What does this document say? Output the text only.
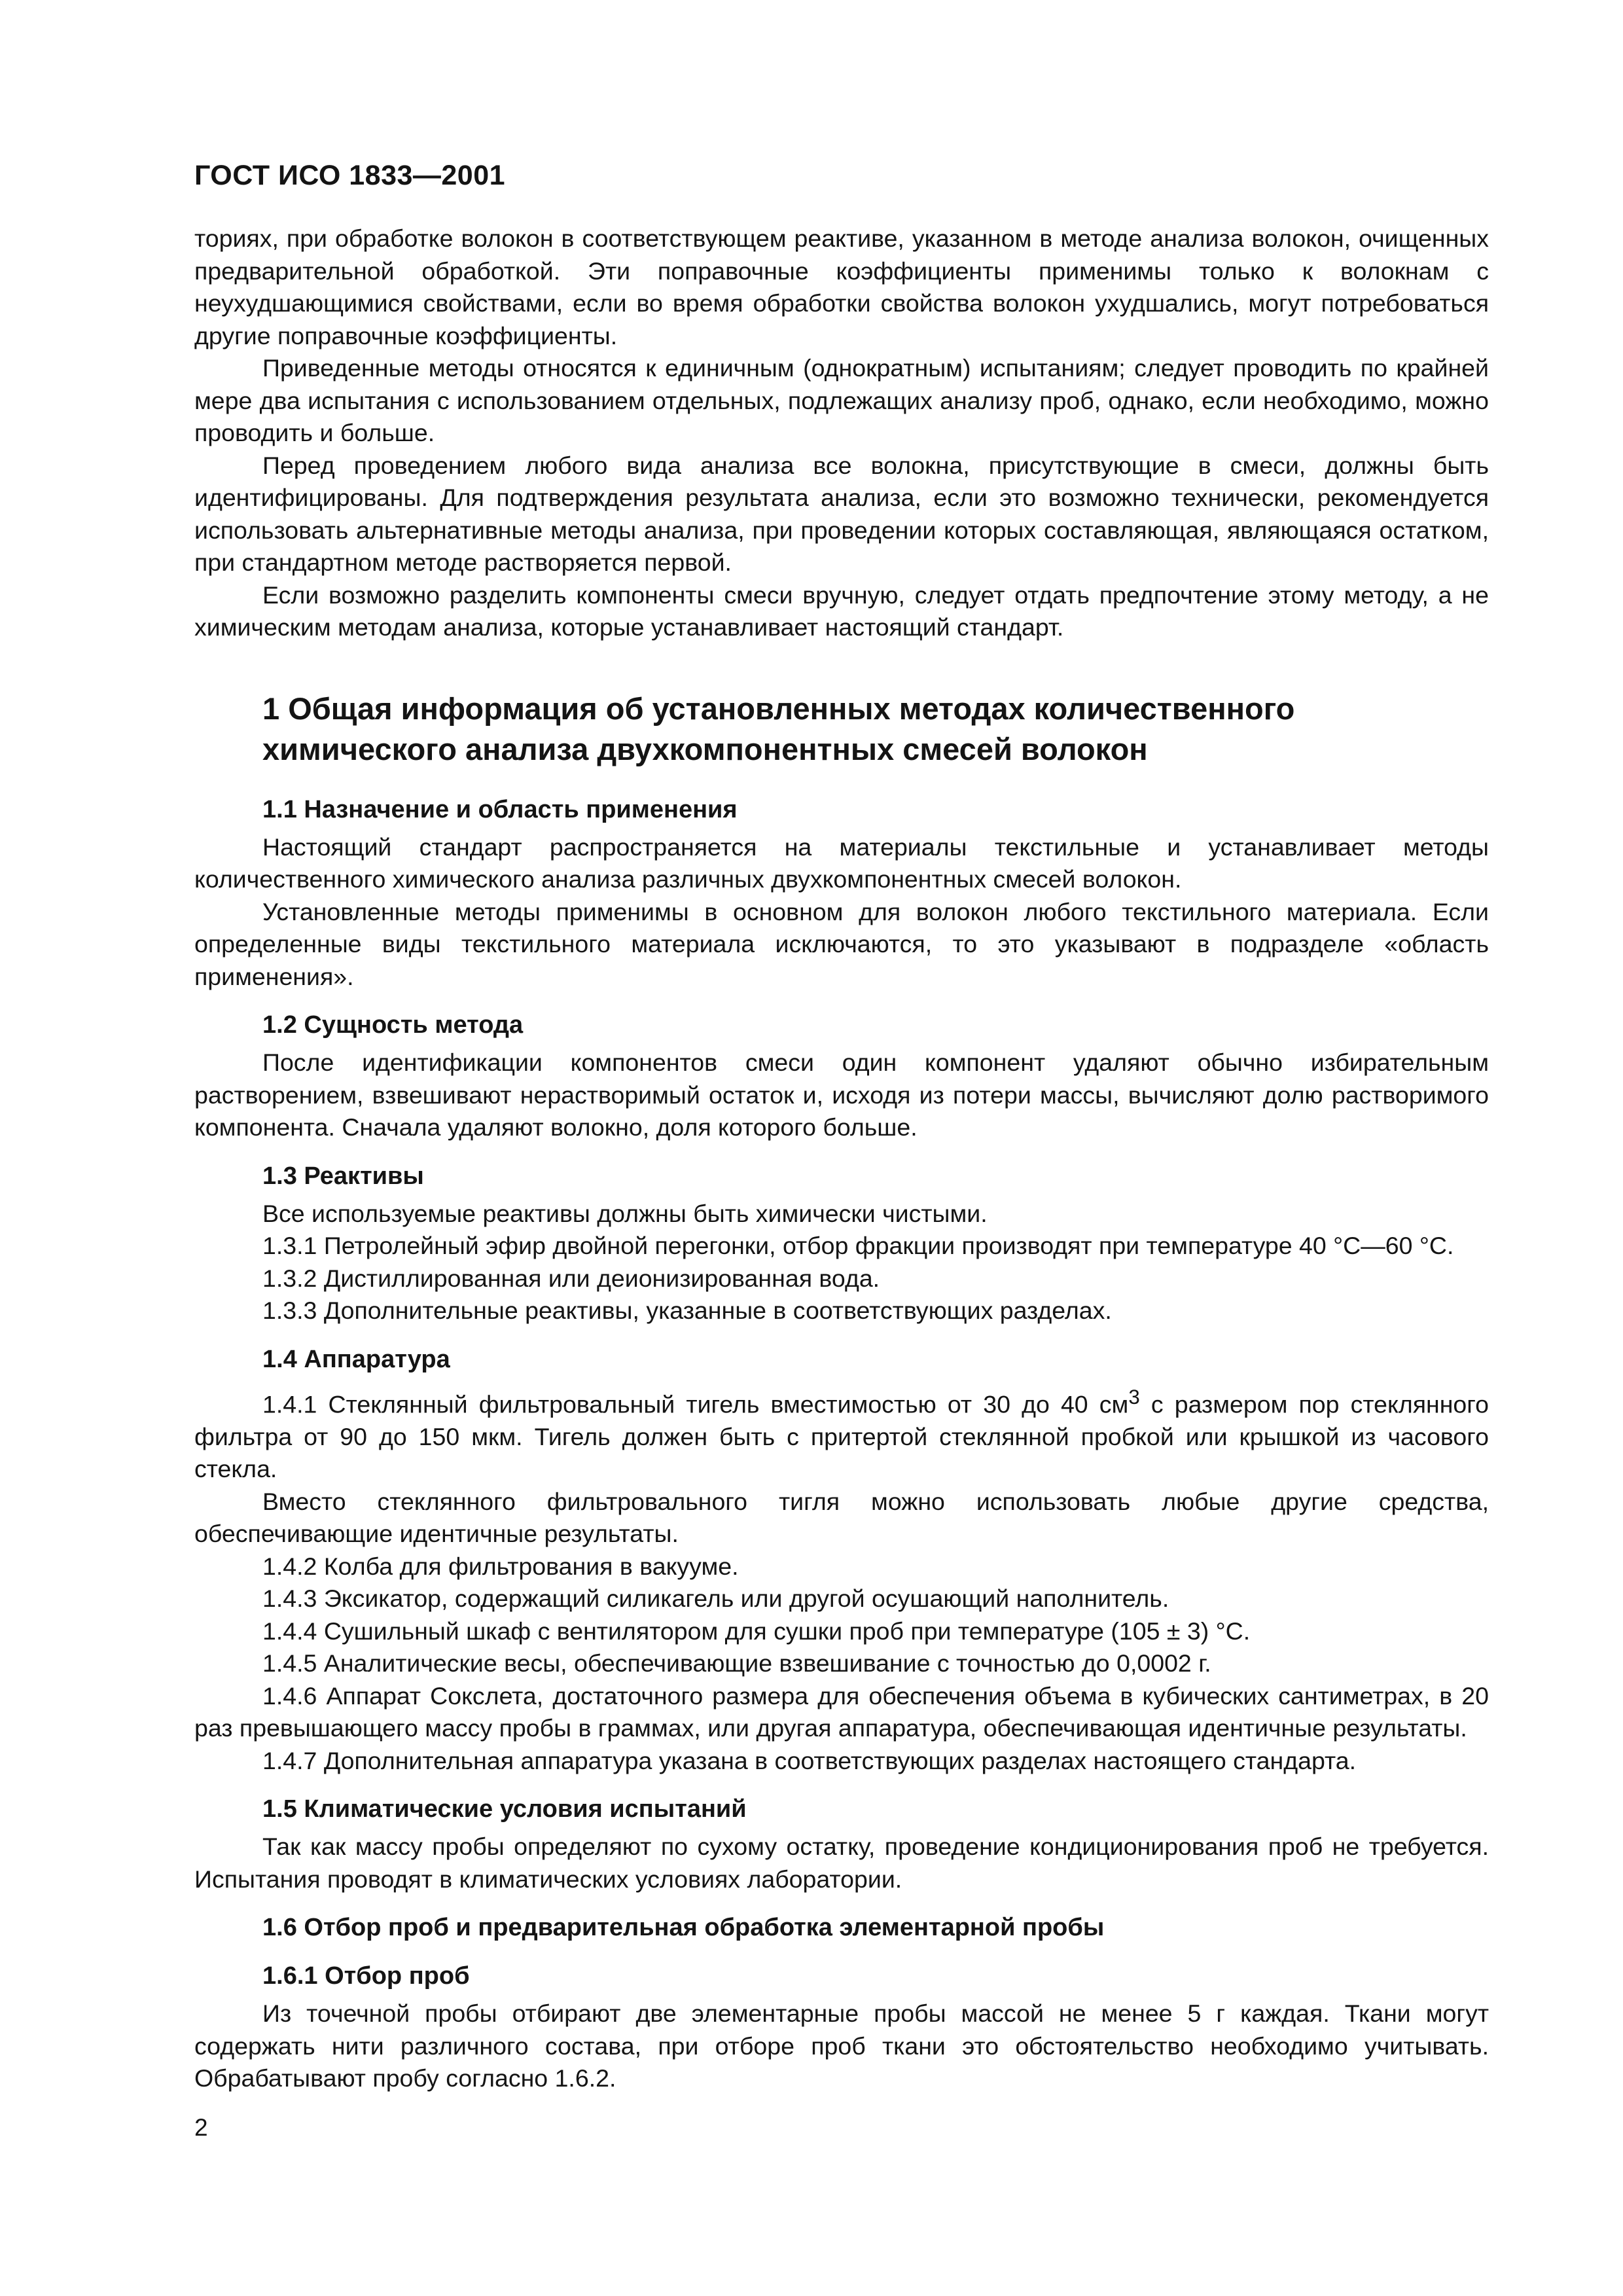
ГОСТ ИСО 1833—2001

ториях, при обработке волокон в соответствующем реактиве, указанном в методе анализа волокон, очищенных предварительной обработкой. Эти поправочные коэффициенты применимы только к волокнам с неухудшающимися свойствами, если во время обработки свойства волокон ухудшались, могут потребоваться другие поправочные коэффициенты.

Приведенные методы относятся к единичным (однократным) испытаниям; следует проводить по крайней мере два испытания с использованием отдельных, подлежащих анализу проб, однако, если необходимо, можно проводить и больше.

Перед проведением любого вида анализа все волокна, присутствующие в смеси, должны быть идентифицированы. Для подтверждения результата анализа, если это возможно технически, рекомендуется использовать альтернативные методы анализа, при проведении которых составляющая, являющаяся остатком, при стандартном методе растворяется первой.

Если возможно разделить компоненты смеси вручную, следует отдать предпочтение этому методу, а не химическим методам анализа, которые устанавливает настоящий стандарт.

1 Общая информация об установленных методах количественного химического анализа двухкомпонентных смесей волокон
1.1 Назначение и область применения

Настоящий стандарт распространяется на материалы текстильные и устанавливает методы количественного химического анализа различных двухкомпонентных смесей волокон.

Установленные методы применимы в основном для волокон любого текстильного материала. Если определенные виды текстильного материала исключаются, то это указывают в подразделе «область применения».

1.2 Сущность метода

После идентификации компонентов смеси один компонент удаляют обычно избирательным растворением, взвешивают нерастворимый остаток и, исходя из потери массы, вычисляют долю растворимого компонента. Сначала удаляют волокно, доля которого больше.

1.3 Реактивы

Все используемые реактивы должны быть химически чистыми.

1.3.1 Петролейный эфир двойной перегонки, отбор фракции производят при температуре 40 °С—60 °С.

1.3.2 Дистиллированная или деионизированная вода.

1.3.3 Дополнительные реактивы, указанные в соответствующих разделах.

1.4 Аппаратура

1.4.1 Стеклянный фильтровальный тигель вместимостью от 30 до 40 $см^3$ с размером пор стеклянного фильтра от 90 до 150 мкм. Тигель должен быть с притертой стеклянной пробкой или крышкой из часового стекла.

Вместо стеклянного фильтровального тигля можно использовать любые другие средства, обеспечивающие идентичные результаты.

1.4.2 Колба для фильтрования в вакууме.

1.4.3 Эксикатор, содержащий силикагель или другой осушающий наполнитель.

1.4.4 Сушильный шкаф с вентилятором для сушки проб при температуре (105 ± 3) °С.

1.4.5 Аналитические весы, обеспечивающие взвешивание с точностью до 0,0002 г.

1.4.6 Аппарат Сокслета, достаточного размера для обеспечения объема в кубических сантиметрах, в 20 раз превышающего массу пробы в граммах, или другая аппаратура, обеспечивающая идентичные результаты.

1.4.7 Дополнительная аппаратура указана в соответствующих разделах настоящего стандарта.

1.5 Климатические условия испытаний

Так как массу пробы определяют по сухому остатку, проведение кондиционирования проб не требуется. Испытания проводят в климатических условиях лаборатории.

1.6 Отбор проб и предварительная обработка элементарной пробы
1.6.1 Отбор проб

Из точечной пробы отбирают две элементарные пробы массой не менее 5 г каждая. Ткани могут содержать нити различного состава, при отборе проб ткани это обстоятельство необходимо учитывать. Обрабатывают пробу согласно 1.6.2.

2
